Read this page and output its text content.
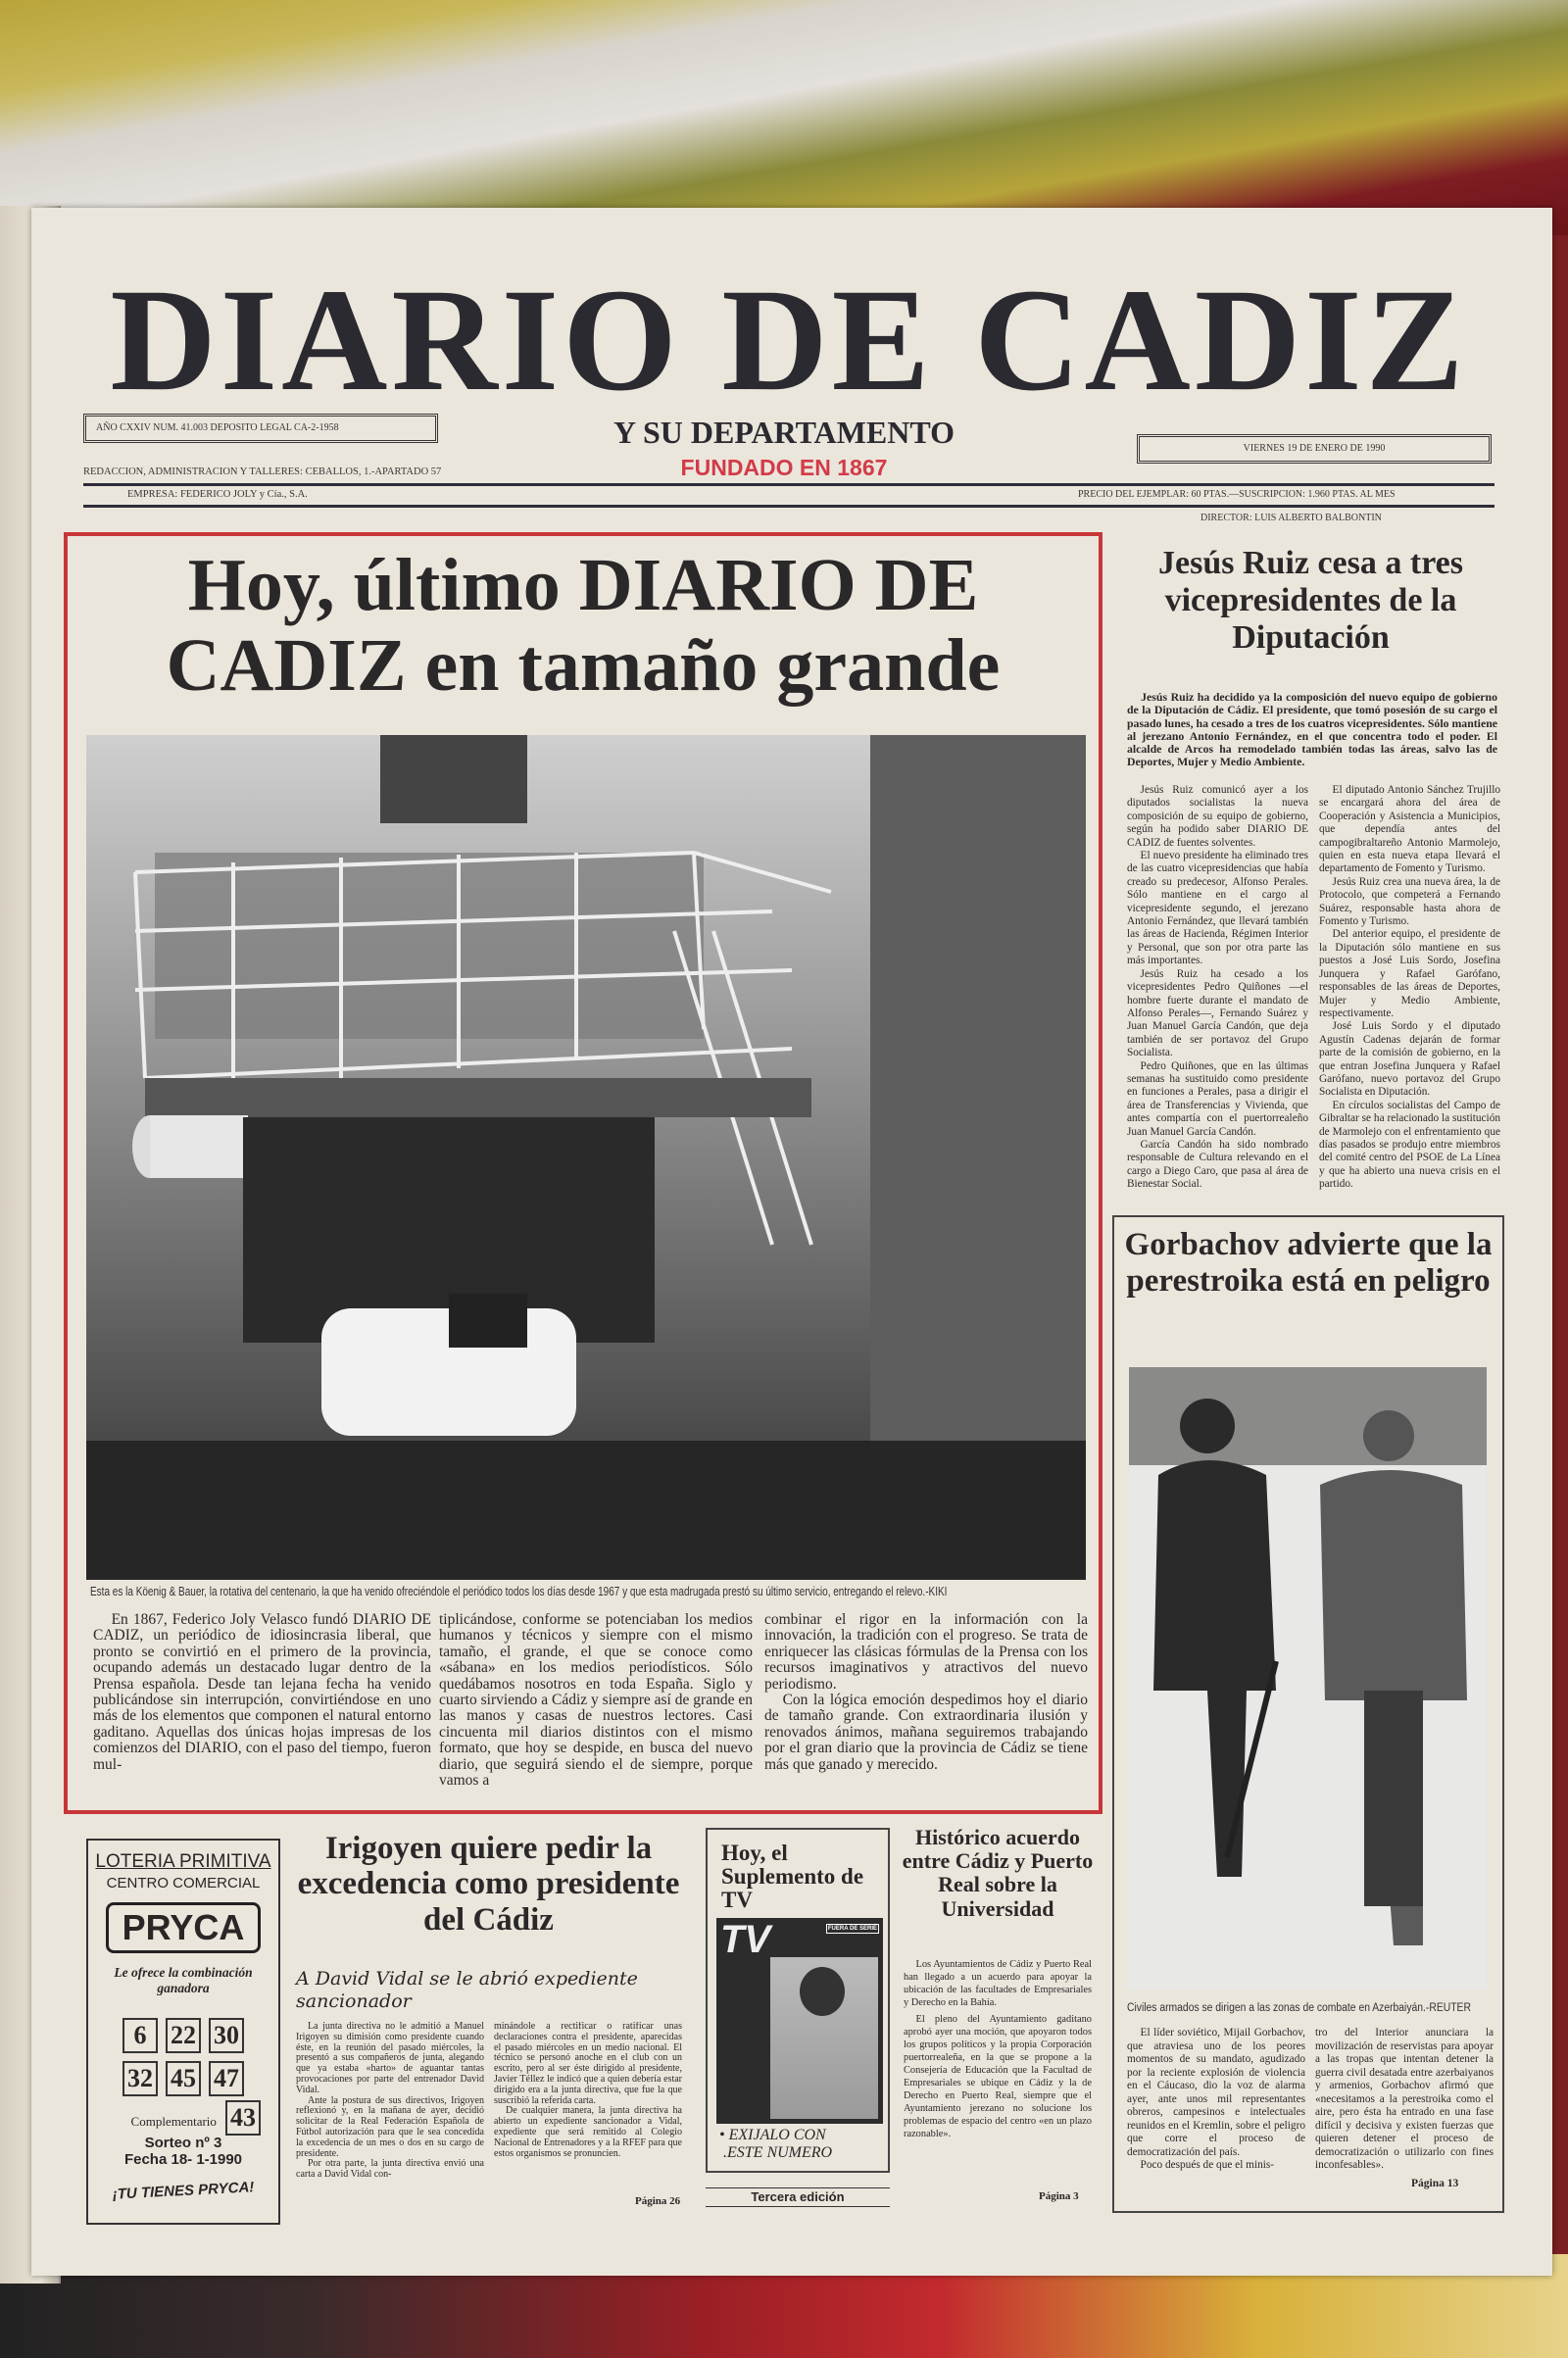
DIARIO DE CADIZ
AÑO CXXIV NUM. 41.003 DEPOSITO LEGAL CA-2-1958	Y SU DEPARTAMENTO
FUNDADO EN 1867
VIERNES 19 DE ENERO DE 1990
REDACCION, ADMINISTRACION Y TALLERES: CEBALLOS, 1.-APARTADO 57
EMPRESA: FEDERICO JOLY y Cía., S.A.	PRECIO DEL EJEMPLAR: 60 PTAS.—SUSCRIPCION: 1.960 PTAS. AL MES
DIRECTOR: LUIS ALBERTO BALBONTIN
Hoy, último DIARIO DE CADIZ en tamaño grande
Esta es la Köenig & Bauer, la rotativa del centenario, la que ha venido ofreciéndole el periódico todos los días desde 1967 y que esta madrugada prestó su último servicio, entregando el relevo.-KIKI

En 1867, Federico Joly Velasco fundó DIARIO DE CADIZ, un periódico de idiosincrasia liberal, que pronto se convirtió en el primero de la provincia, ocupando además un destacado lugar dentro de la Prensa española. Desde tan lejana fecha ha venido publicándose sin interrupción, convirtiéndose en uno más de los elementos que componen el natural entorno gaditano. Aquellas dos únicas hojas impresas de los comienzos del DIARIO, con el paso del tiempo, fueron mul-

tiplicándose, conforme se potenciaban los medios humanos y técnicos y siempre con el mismo tamaño, el grande, el que se conoce como «sábana» en los medios periodísticos. Sólo quedábamos nosotros en toda España. Siglo y cuarto sirviendo a Cádiz y siempre así de grande en las manos y casas de nuestros lectores. Casi cincuenta mil diarios distintos con el mismo formato, que hoy se despide, en busca del nuevo diario, que seguirá siendo el de siempre, porque vamos a

combinar el rigor en la información con la innovación, la tradición con el progreso. Se trata de enriquecer las clásicas fórmulas de la Prensa con los recursos imaginativos y atractivos del nuevo periodismo.

Con la lógica emoción despedimos hoy el diario de tamaño grande. Con extraordinaria ilusión y renovados ánimos, mañana seguiremos trabajando por el gran diario que la provincia de Cádiz se tiene más que ganado y merecido.

Jesús Ruiz cesa a tres vicepresidentes de la Diputación

Jesús Ruiz ha decidido ya la composición del nuevo equipo de gobierno de la Diputación de Cádiz. El presidente, que tomó posesión de su cargo el pasado lunes, ha cesado a tres de los cuatros vicepresidentes. Sólo mantiene al jerezano Antonio Fernández, en el que concentra todo el poder. El alcalde de Arcos ha remodelado también todas las áreas, salvo las de Deportes, Mujer y Medio Ambiente.

Jesús Ruiz comunicó ayer a los diputados socialistas la nueva composición de su equipo de gobierno, según ha podido saber DIARIO DE CADIZ de fuentes solventes.

El nuevo presidente ha eliminado tres de las cuatro vicepresidencias que había creado su predecesor, Alfonso Perales. Sólo mantiene en el cargo al vicepresidente segundo, el jerezano Antonio Fernández, que llevará también las áreas de Hacienda, Régimen Interior y Personal, que son por otra parte las más importantes.

Jesús Ruiz ha cesado a los vicepresidentes Pedro Quiñones —el hombre fuerte durante el mandato de Alfonso Perales—, Fernando Suárez y Juan Manuel García Candón, que deja también de ser portavoz del Grupo Socialista.

Pedro Quiñones, que en las últimas semanas ha sustituido como presidente en funciones a Perales, pasa a dirigir el área de Transferencias y Vivienda, que antes compartía con el puertorrealeño Juan Manuel García Candón.

García Candón ha sido nombrado responsable de Cultura relevando en el cargo a Diego Caro, que pasa al área de Bienestar Social.

El diputado Antonio Sánchez Trujillo se encargará ahora del área de Cooperación y Asistencia a Municipios, que dependía antes del campogibraltareño Antonio Marmolejo, quien en esta nueva etapa llevará el departamento de Fomento y Turismo.

Jesús Ruiz crea una nueva área, la de Protocolo, que competerá a Fernando Suárez, responsable hasta ahora de Fomento y Turismo.

Del anterior equipo, el presidente de la Diputación sólo mantiene en sus puestos a José Luis Sordo, Josefina Junquera y Rafael Garófano, responsables de las áreas de Deportes, Mujer y Medio Ambiente, respectivamente.

José Luis Sordo y el diputado Agustín Cadenas dejarán de formar parte de la comisión de gobierno, en la que entran Josefina Junquera y Rafael Garófano, nuevo portavoz del Grupo Socialista en Diputación.

En círculos socialistas del Campo de Gibraltar se ha relacionado la sustitución de Marmolejo con el enfrentamiento que días pasados se produjo entre miembros del comité centro del PSOE de La Línea y que ha abierto una nueva crisis en el partido.

Gorbachov advierte que la perestroika está en peligro
Civiles armados se dirigen a las zonas de combate en Azerbaiyán.-REUTER

El líder soviético, Mijail Gorbachov, que atraviesa uno de los peores momentos de su mandato, agudizado por la reciente explosión de violencia en el Cáucaso, dio la voz de alarma ayer, ante unos mil representantes obreros, campesinos e intelectuales reunidos en el Kremlin, sobre el peligro que corre el proceso de democratización del país.

Poco después de que el minis-

tro del Interior anunciara la movilización de reservistas para apoyar a las tropas que intentan detener la guerra civil desatada entre azerbaiyanos y armenios, Gorbachov afirmó que «necesitamos a la perestroika como el aire, pero ésta ha entrado en una fase difícil y decisiva y existen fuerzas que quieren detener el proceso de democratización o utilizarlo con fines inconfesables».

Página 13
LOTERIA PRIMITIVA
CENTRO COMERCIAL
PRYCA
Le ofrece la combinación ganadora
6 22 30
32 45 47
Complementario 43
Sorteo nº 3
Fecha 18- 1-1990
¡TU TIENES PRYCA!
Irigoyen quiere pedir la excedencia como presidente del Cádiz
A David Vidal se le abrió expediente sancionador

La junta directiva no le admitió a Manuel Irigoyen su dimisión como presidente cuando éste, en la reunión del pasado miércoles, la presentó a sus compañeros de junta, alegando que ya estaba «harto» de aguantar tantas provocaciones por parte del entrenador David Vidal.

Ante la postura de sus directivos, Irigoyen reflexionó y, en la mañana de ayer, decidió solicitar de la Real Federación Española de Fútbol autorización para que le sea concedida la excedencia de un mes o dos en su cargo de presidente.

Por otra parte, la junta directiva envió una carta a David Vidal con-

minándole a rectificar o ratificar unas declaraciones contra el presidente, aparecidas el pasado miércoles en un medio nacional. El técnico se personó anoche en el club con un escrito, pero al ser éste dirigido al presidente, Javier Téllez le indicó que a quien debería estar dirigido era a la junta directiva, que fue la que suscribió la referida carta.

De cualquier manera, la junta directiva ha abierto un expediente sancionador a Vidal, expediente que será remitido al Colegio Nacional de Entrenadores y a la RFEF para que estos organismos se pronuncien.

Página 26
Hoy, el Suplemento de TV
TV	FUERA DE SERIE
• EXIJALO CON
.ESTE NUMERO
Tercera edición
Histórico acuerdo entre Cádiz y Puerto Real sobre la Universidad

Los Ayuntamientos de Cádiz y Puerto Real han llegado a un acuerdo para apoyar la ubicación de las facultades de Empresariales y Derecho en la Bahía.

El pleno del Ayuntamiento gaditano aprobó ayer una moción, que apoyaron todos los grupos políticos y la propia Corporación puertorrealeña, en la que se propone a la Consejería de Educación que la Facultad de Empresariales se ubique en Cádiz y la de Derecho en Puerto Real, siempre que el Ayuntamiento jerezano no solucione los problemas de espacio del centro «en un plazo razonable».

Página 3
